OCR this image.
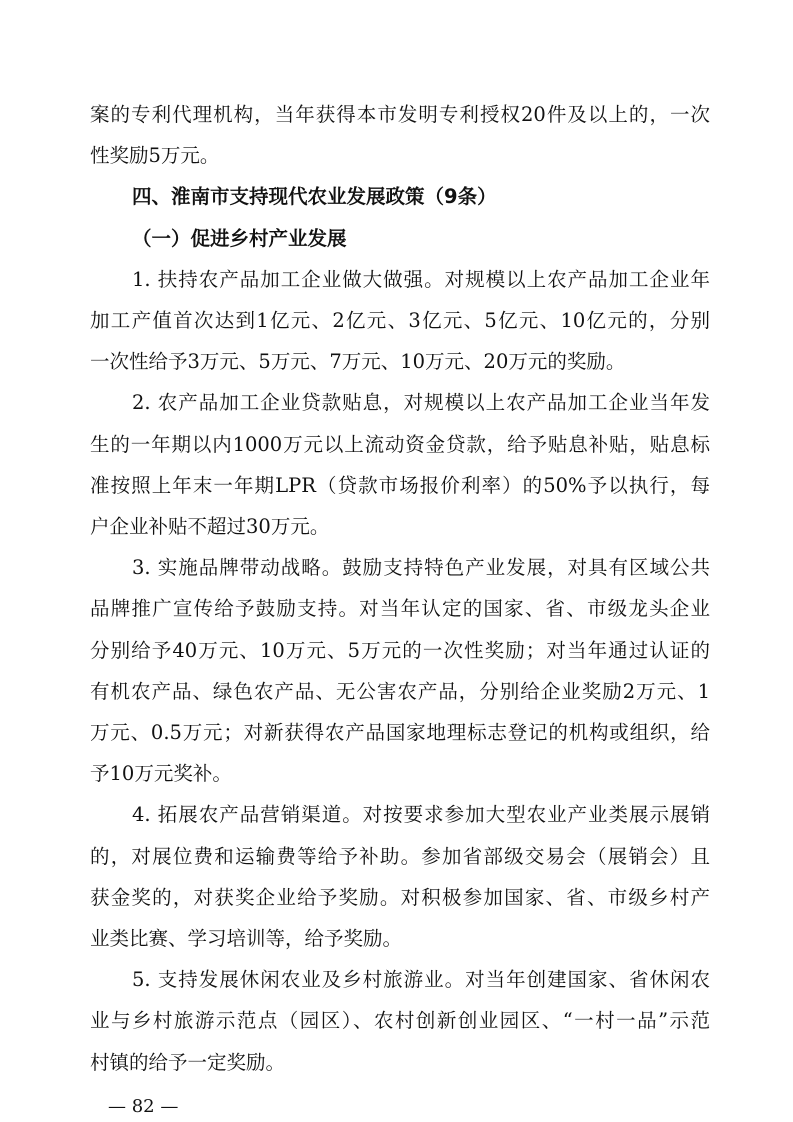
案的专利代理机构，当年获得本市发明专利授权20件及以上的，一次
性奖励5万元。
四、淮南市支持现代农业发展政策（9条）
（一）促进乡村产业发展
1. 扶持农产品加工企业做大做强。对规模以上农产品加工企业年
加工产值首次达到1亿元、2亿元、3亿元、5亿元、10亿元的，分别
一次性给予3万元、5万元、7万元、10万元、20万元的奖励。
2. 农产品加工企业贷款贴息，对规模以上农产品加工企业当年发
生的一年期以内1000万元以上流动资金贷款，给予贴息补贴，贴息标
准按照上年末一年期LPR（贷款市场报价利率）的50%予以执行，每
户企业补贴不超过30万元。
3. 实施品牌带动战略。鼓励支持特色产业发展，对具有区域公共
品牌推广宣传给予鼓励支持。对当年认定的国家、省、市级龙头企业
分别给予40万元、10万元、5万元的一次性奖励；对当年通过认证的
有机农产品、绿色农产品、无公害农产品，分别给企业奖励2万元、1
万元、0.5万元；对新获得农产品国家地理标志登记的机构或组织，给
予10万元奖补。
4. 拓展农产品营销渠道。对按要求参加大型农业产业类展示展销
的，对展位费和运输费等给予补助。参加省部级交易会（展销会）且
获金奖的，对获奖企业给予奖励。对积极参加国家、省、市级乡村产
业类比赛、学习培训等，给予奖励。
— 82 —
5. 支持发展休闲农业及乡村旅游业。对当年创建国家、省休闲农
业与乡村旅游示范点（园区）、农村创新创业园区、“一村一品”示范
村镇的给予一定奖励。
